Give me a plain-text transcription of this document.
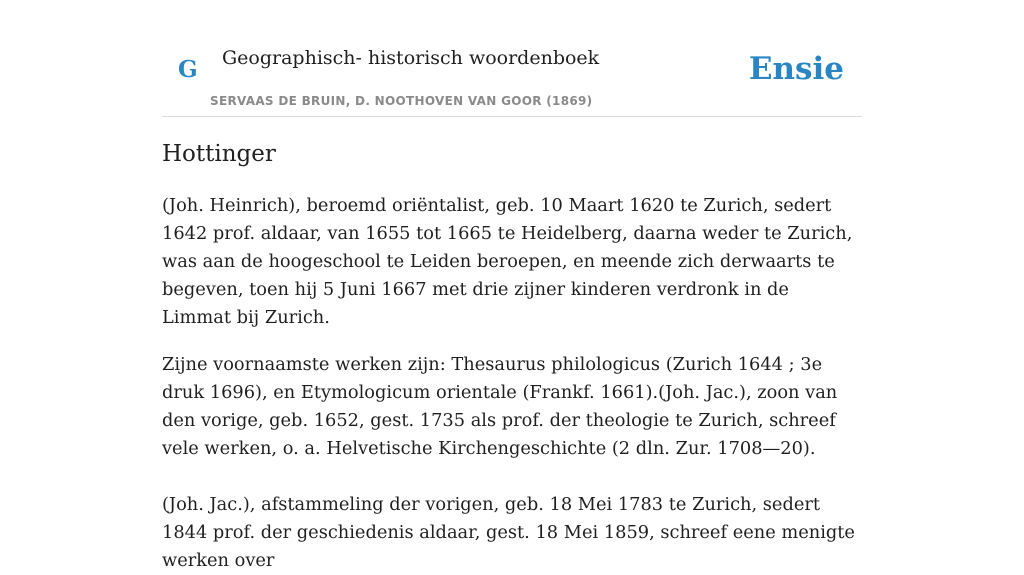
G Geographisch- historisch woordenboek
SERVAAS DE BRUIN, D. NOOTHOVEN VAN GOOR (1869)
Ensie
Hottinger

(Joh. Heinrich), beroemd oriëntalist, geb. 10 Maart 1620 te Zurich, sedert 1642 prof. aldaar, van 1655 tot 1665 te Heidelberg, daarna weder te Zurich, was aan de hoogeschool te Leiden beroepen, en meende zich derwaarts te begeven, toen hij 5 Juni 1667 met drie zijner kinderen verdronk in de Limmat bij Zurich.

Zijne voornaamste werken zijn: Thesaurus philologicus (Zurich 1644 ; 3e druk 1696), en Etymologicum orientale (Frankf. 1661).(Joh. Jac.), zoon van den vorige, geb. 1652, gest. 1735 als prof. der theologie te Zurich, schreef vele werken, o. a. Helvetische Kirchengeschichte (2 dln. Zur. 1708—20).

(Joh. Jac.), afstammeling der vorigen, geb. 18 Mei 1783 te Zurich, sedert 1844 prof. der geschiedenis aldaar, gest. 18 Mei 1859, schreef eene menigte werken over
